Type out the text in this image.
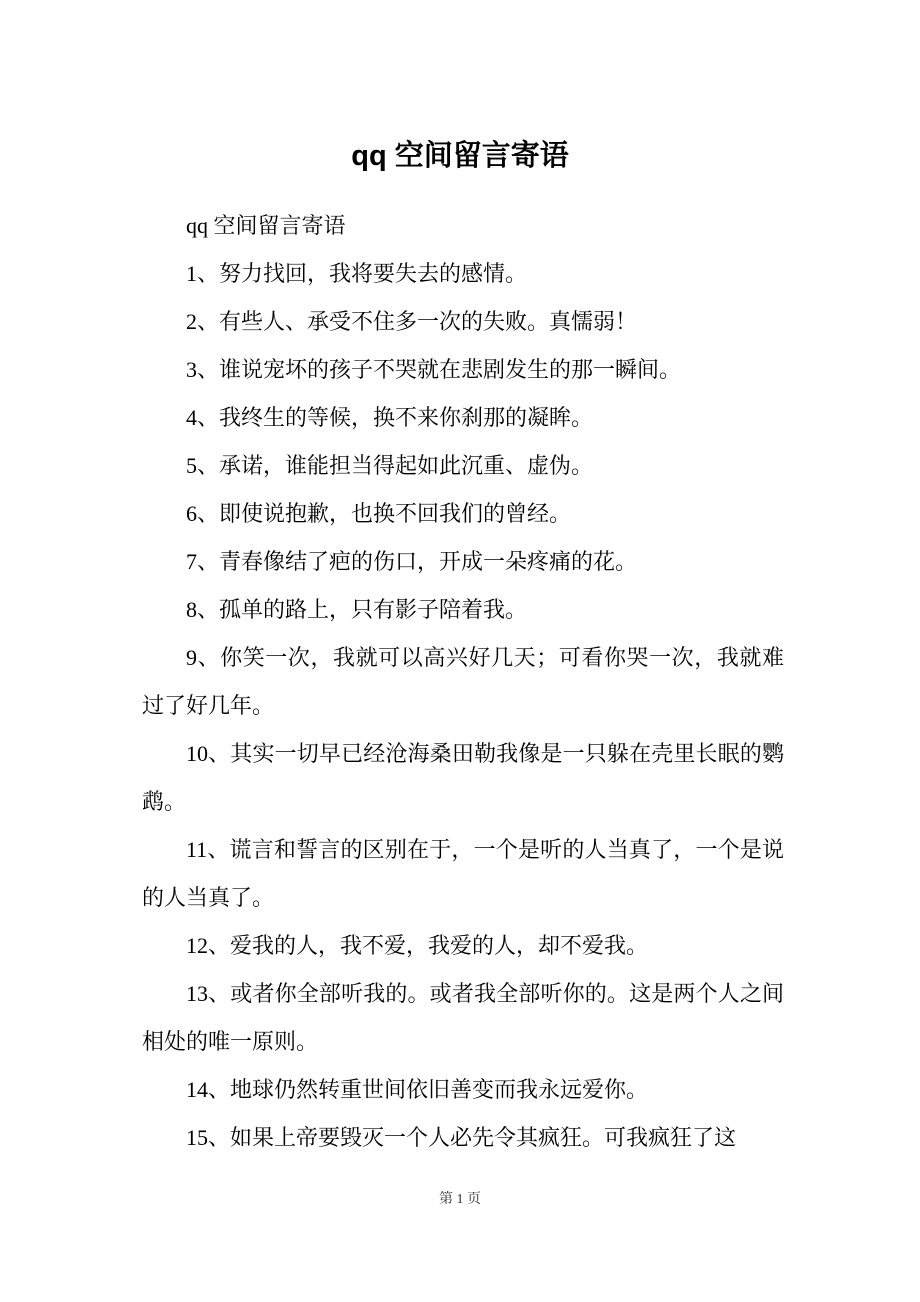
qq 空间留言寄语

qq 空间留言寄语

1、努力找回，我将要失去的感情。

2、有些人、承受不住多一次的失败。真懦弱！

3、谁说宠坏的孩子不哭就在悲剧发生的那一瞬间。

4、我终生的等候，换不来你刹那的凝眸。

5、承诺，谁能担当得起如此沉重、虚伪。

6、即使说抱歉，也换不回我们的曾经。

7、青春像结了疤的伤口，开成一朵疼痛的花。

8、孤单的路上，只有影子陪着我。

9、你笑一次，我就可以高兴好几天；可看你哭一次，我就难过了好几年。

10、其实一切早已经沧海桑田勒我像是一只躲在壳里长眠的鹦鹉。

11、谎言和誓言的区别在于，一个是听的人当真了，一个是说的人当真了。

12、爱我的人，我不爱，我爱的人，却不爱我。

13、或者你全部听我的。或者我全部听你的。这是两个人之间相处的唯一原则。

14、地球仍然转重世间依旧善变而我永远爱你。

15、如果上帝要毁灭一个人必先令其疯狂。可我疯狂了这

第 1 页
